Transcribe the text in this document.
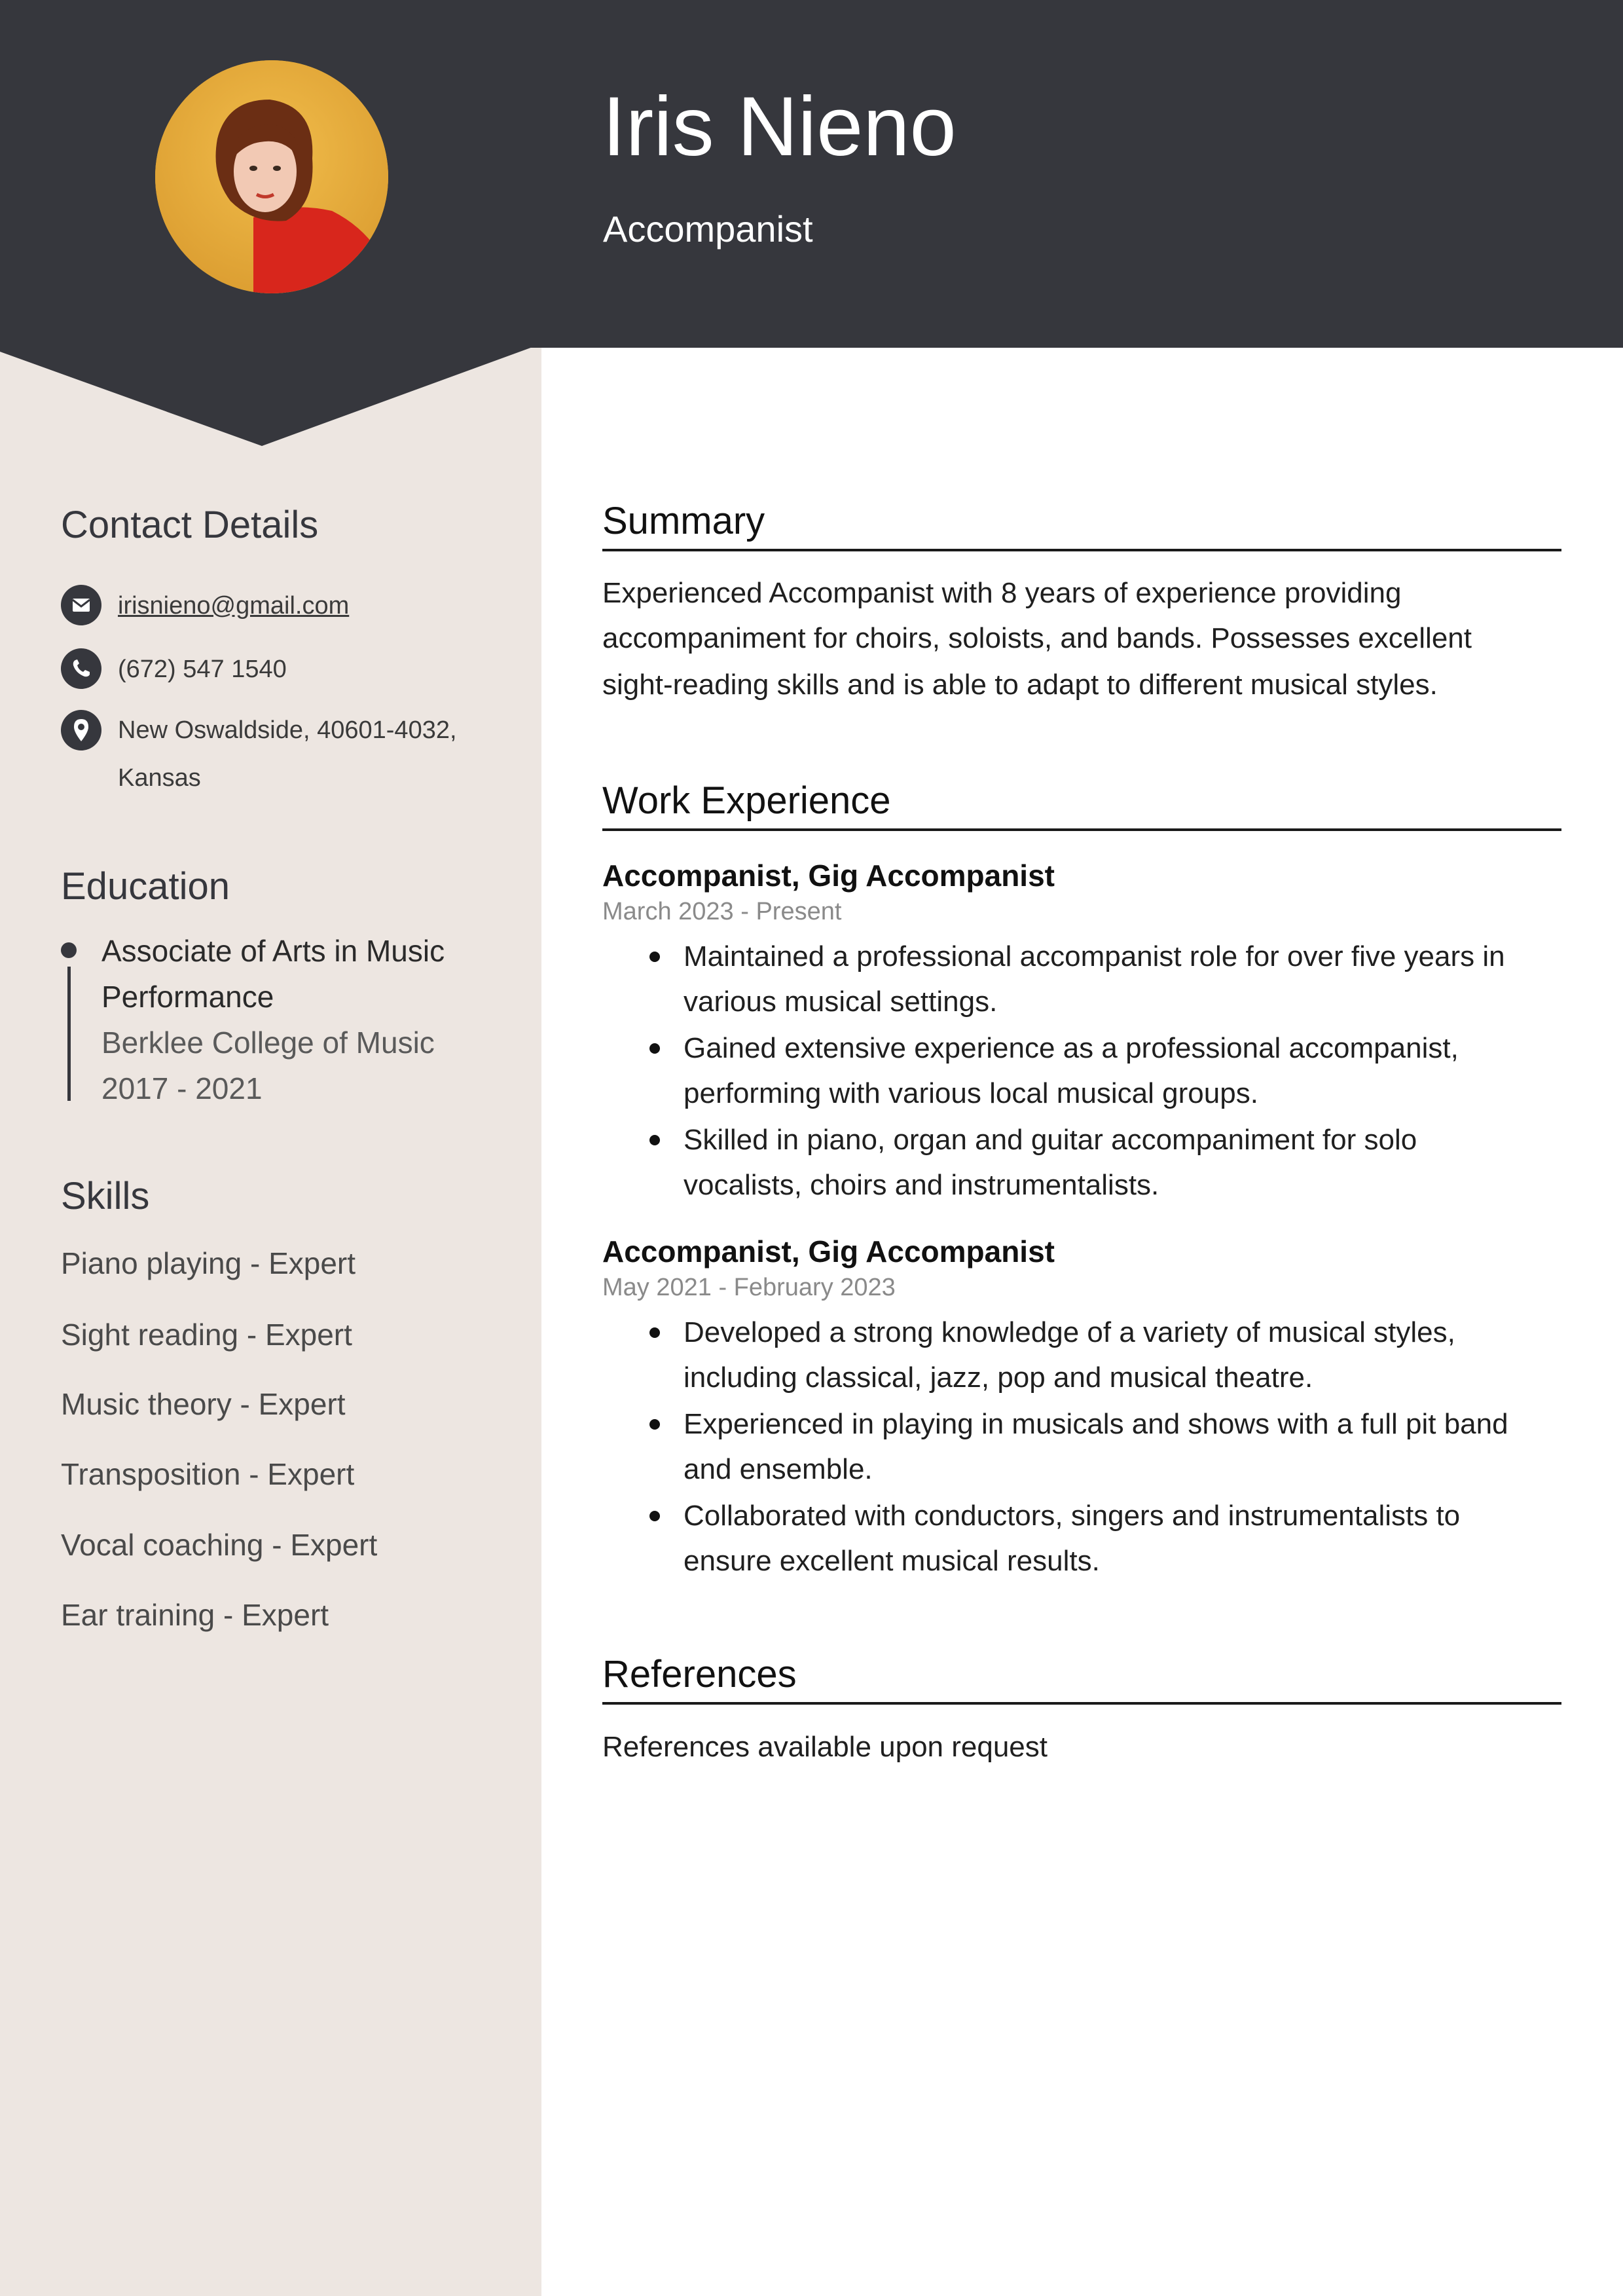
Iris Nieno
Accompanist
Contact Details
irisnieno@gmail.com
(672) 547 1540
New Oswaldside, 40601-4032,
Kansas
Education
Associate of Arts in Music
Performance
Berklee College of Music
2017 - 2021
Skills
Piano playing - Expert
Sight reading - Expert
Music theory - Expert
Transposition - Expert
Vocal coaching - Expert
Ear training - Expert
Summary
Experienced Accompanist with 8 years of experience providing
accompaniment for choirs, soloists, and bands. Possesses excellent
sight-reading skills and is able to adapt to different musical styles.
Work Experience
Accompanist, Gig Accompanist
March 2023 - Present
Maintained a professional accompanist role for over five years in
various musical settings.
Gained extensive experience as a professional accompanist,
performing with various local musical groups.
Skilled in piano, organ and guitar accompaniment for solo
vocalists, choirs and instrumentalists.
Accompanist, Gig Accompanist
May 2021 - February 2023
Developed a strong knowledge of a variety of musical styles,
including classical, jazz, pop and musical theatre.
Experienced in playing in musicals and shows with a full pit band
and ensemble.
Collaborated with conductors, singers and instrumentalists to
ensure excellent musical results.
References
References available upon request
